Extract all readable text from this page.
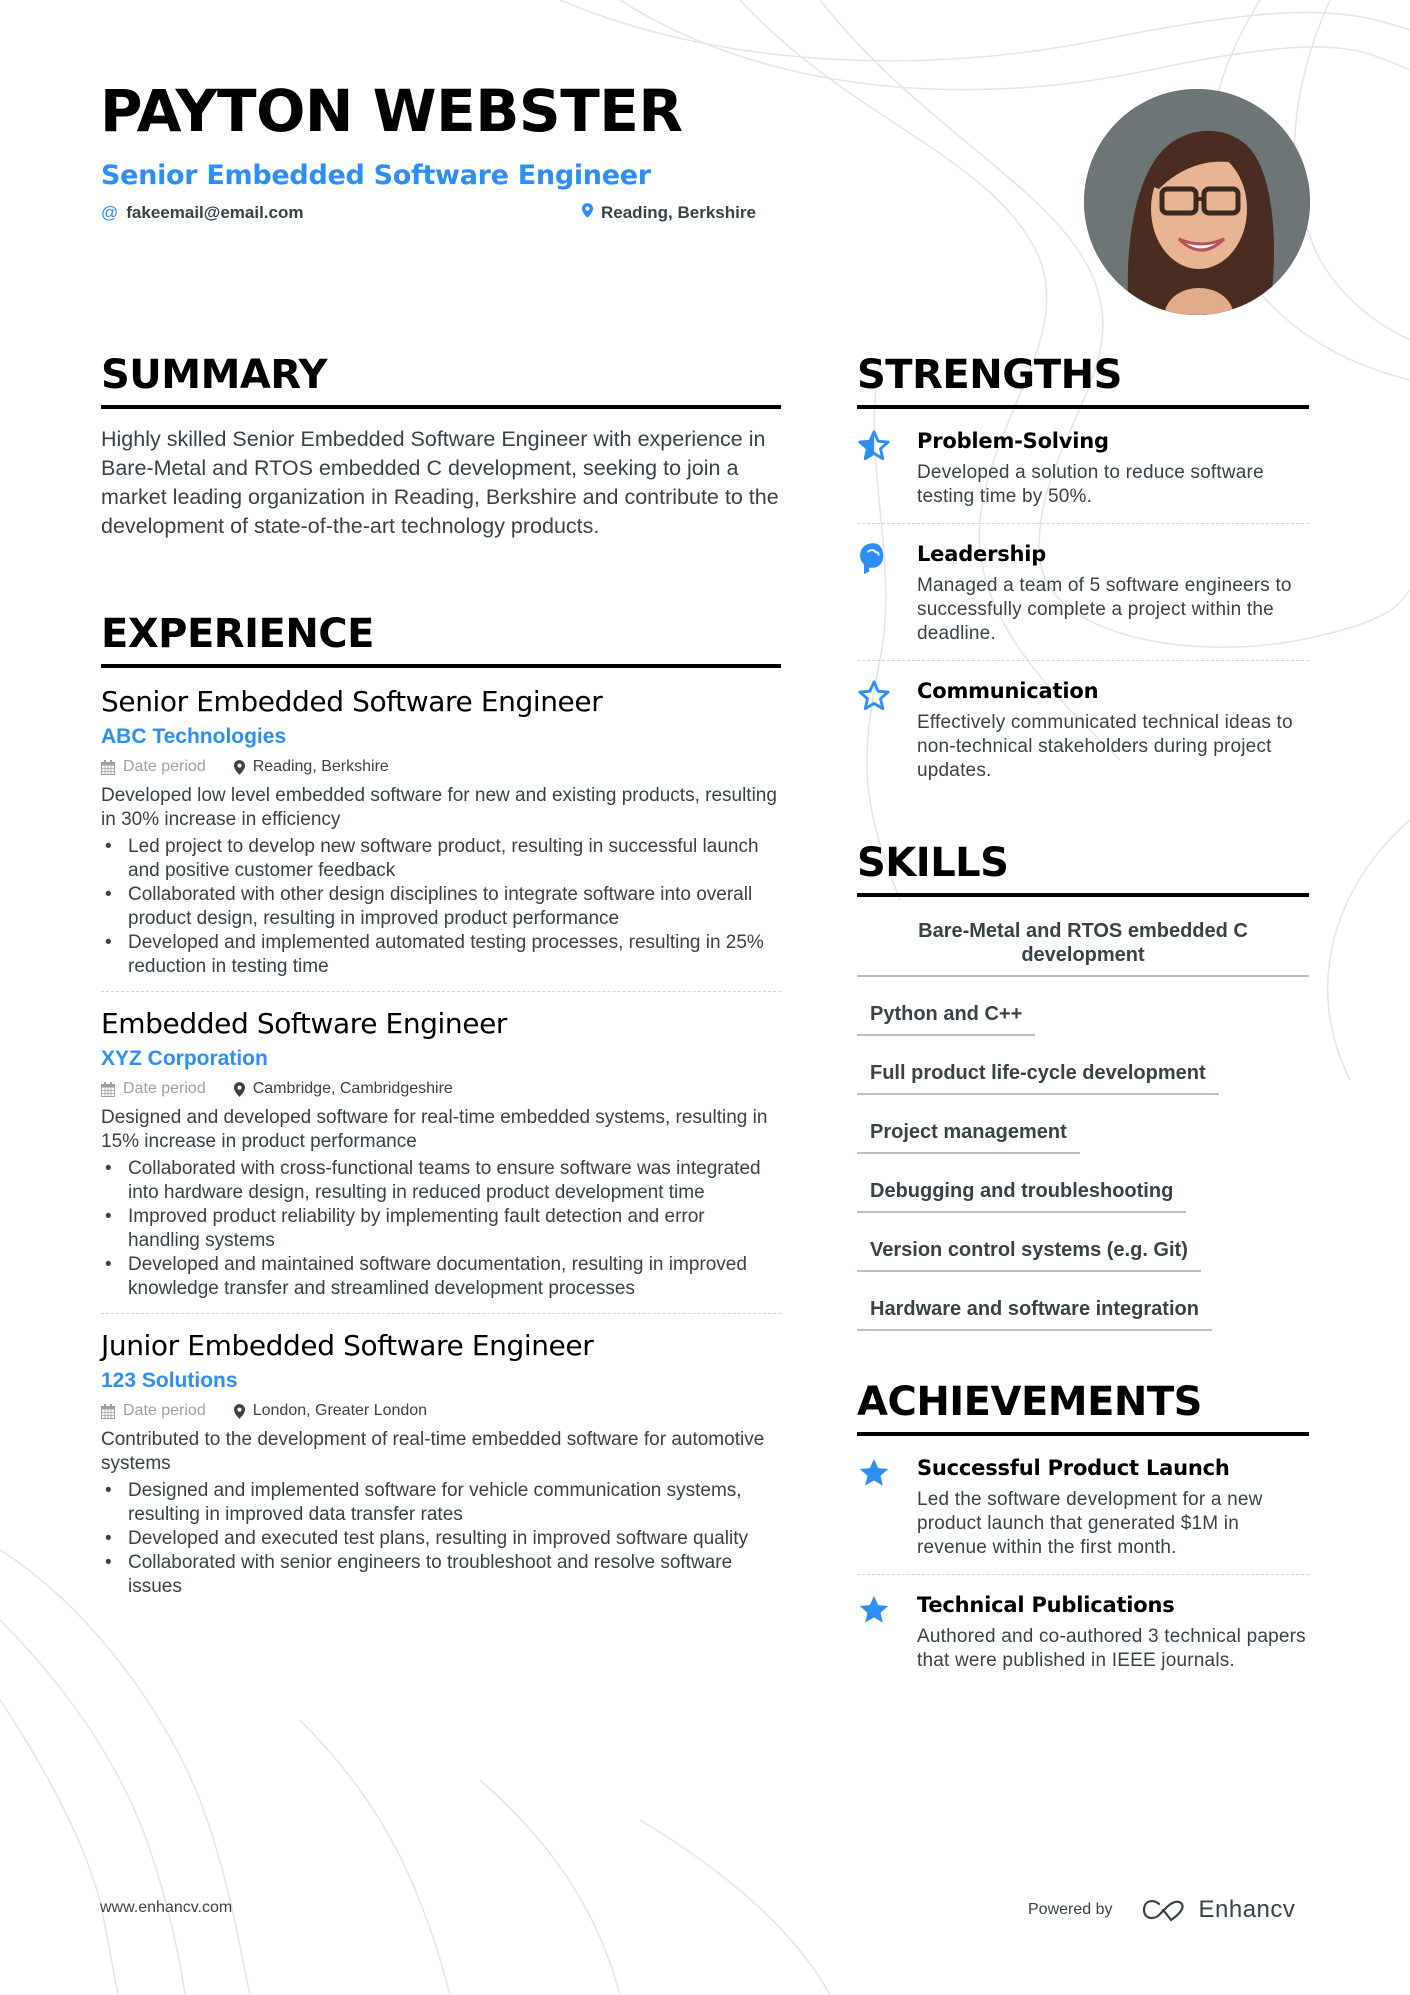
PAYTON WEBSTER
Senior Embedded Software Engineer
@ fakeemail@email.com	Reading, Berkshire
SUMMARY

Highly skilled Senior Embedded Software Engineer with experience in Bare-Metal and RTOS embedded C development, seeking to join a market leading organization in Reading, Berkshire and contribute to the development of state-of-the-art technology products.

EXPERIENCE
Senior Embedded Software Engineer
ABC Technologies
Date period	Reading, Berkshire

Developed low level embedded software for new and existing products, resulting in 30% increase in efficiency

• Led project to develop new software product, resulting in successful launch and positive customer feedback
• Collaborated with other design disciplines to integrate software into overall product design, resulting in improved product performance
• Developed and implemented automated testing processes, resulting in 25% reduction in testing time
Embedded Software Engineer
XYZ Corporation
Date period	Cambridge, Cambridgeshire

Designed and developed software for real-time embedded systems, resulting in 15% increase in product performance

• Collaborated with cross-functional teams to ensure software was integrated into hardware design, resulting in reduced product development time
• Improved product reliability by implementing fault detection and error handling systems
• Developed and maintained software documentation, resulting in improved knowledge transfer and streamlined development processes
Junior Embedded Software Engineer
123 Solutions
Date period	London, Greater London

Contributed to the development of real-time embedded software for automotive systems

• Designed and implemented software for vehicle communication systems, resulting in improved data transfer rates
• Developed and executed test plans, resulting in improved software quality
• Collaborated with senior engineers to troubleshoot and resolve software issues
STRENGTHS
Problem-Solving
Developed a solution to reduce software testing time by 50%.
Leadership
Managed a team of 5 software engineers to successfully complete a project within the deadline.
Communication
Effectively communicated technical ideas to non-technical stakeholders during project updates.
SKILLS
Bare-Metal and RTOS embedded C development
Python and C++
Full product life-cycle development
Project management
Debugging and troubleshooting
Version control systems (e.g. Git)
Hardware and software integration
ACHIEVEMENTS
Successful Product Launch
Led the software development for a new product launch that generated $1M in revenue within the first month.
Technical Publications
Authored and co-authored 3 technical papers that were published in IEEE journals.
www.enhancv.com	Powered by	Enhancv
